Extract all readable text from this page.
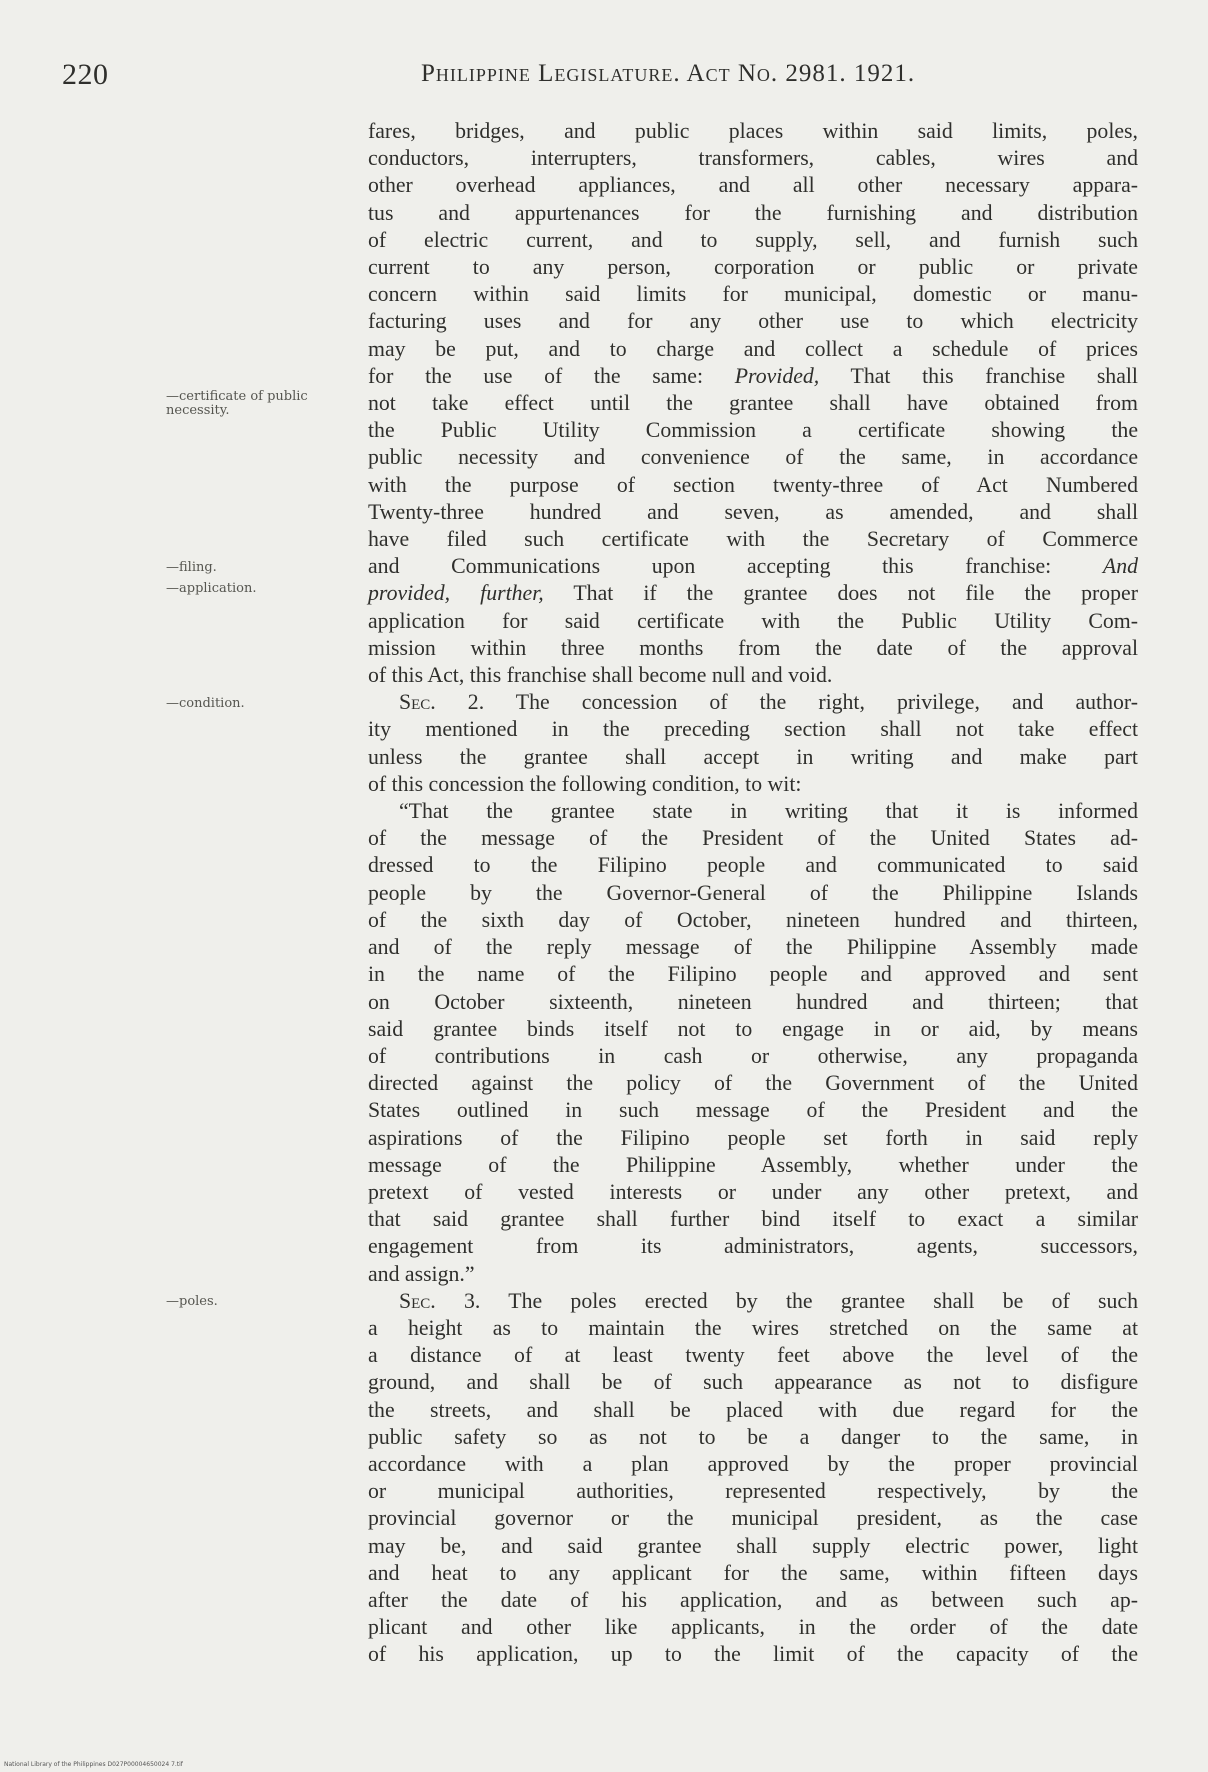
220	Philippine Legislature. Act No. 2981. 1921.
—certificate of public necessity.
—filing.
—application.
—condition.
—poles.
fares, bridges, and public places within said limits, poles,
conductors, interrupters, transformers, cables, wires and
other overhead appliances, and all other necessary appara-
tus and appurtenances for the furnishing and distribution
of electric current, and to supply, sell, and furnish such
current to any person, corporation or public or private
concern within said limits for municipal, domestic or manu-
facturing uses and for any other use to which electricity
may be put, and to charge and collect a schedule of prices
for the use of the same: Provided, That this franchise shall
not take effect until the grantee shall have obtained from
the Public Utility Commission a certificate showing the
public necessity and convenience of the same, in accordance
with the purpose of section twenty-three of Act Numbered
Twenty-three hundred and seven, as amended, and shall
have filed such certificate with the Secretary of Commerce
and Communications upon accepting this franchise: And
provided, further, That if the grantee does not file the proper
application for said certificate with the Public Utility Com-
mission within three months from the date of the approval
of this Act, this franchise shall become null and void.
Sec. 2. The concession of the right, privilege, and author-
ity mentioned in the preceding section shall not take effect
unless the grantee shall accept in writing and make part
of this concession the following condition, to wit:
“That the grantee state in writing that it is informed
of the message of the President of the United States ad-
dressed to the Filipino people and communicated to said
people by the Governor-General of the Philippine Islands
of the sixth day of October, nineteen hundred and thirteen,
and of the reply message of the Philippine Assembly made
in the name of the Filipino people and approved and sent
on October sixteenth, nineteen hundred and thirteen; that
said grantee binds itself not to engage in or aid, by means
of contributions in cash or otherwise, any propaganda
directed against the policy of the Government of the United
States outlined in such message of the President and the
aspirations of the Filipino people set forth in said reply
message of the Philippine Assembly, whether under the
pretext of vested interests or under any other pretext, and
that said grantee shall further bind itself to exact a similar
engagement from its administrators, agents, successors,
and assign.”
Sec. 3. The poles erected by the grantee shall be of such
a height as to maintain the wires stretched on the same at
a distance of at least twenty feet above the level of the
ground, and shall be of such appearance as not to disfigure
the streets, and shall be placed with due regard for the
public safety so as not to be a danger to the same, in
accordance with a plan approved by the proper provincial
or municipal authorities, represented respectively, by the
provincial governor or the municipal president, as the case
may be, and said grantee shall supply electric power, light
and heat to any applicant for the same, within fifteen days
after the date of his application, and as between such ap-
plicant and other like applicants, in the order of the date
of his application, up to the limit of the capacity of the
National Library of the Philippines D027P00004650024 7.tif
